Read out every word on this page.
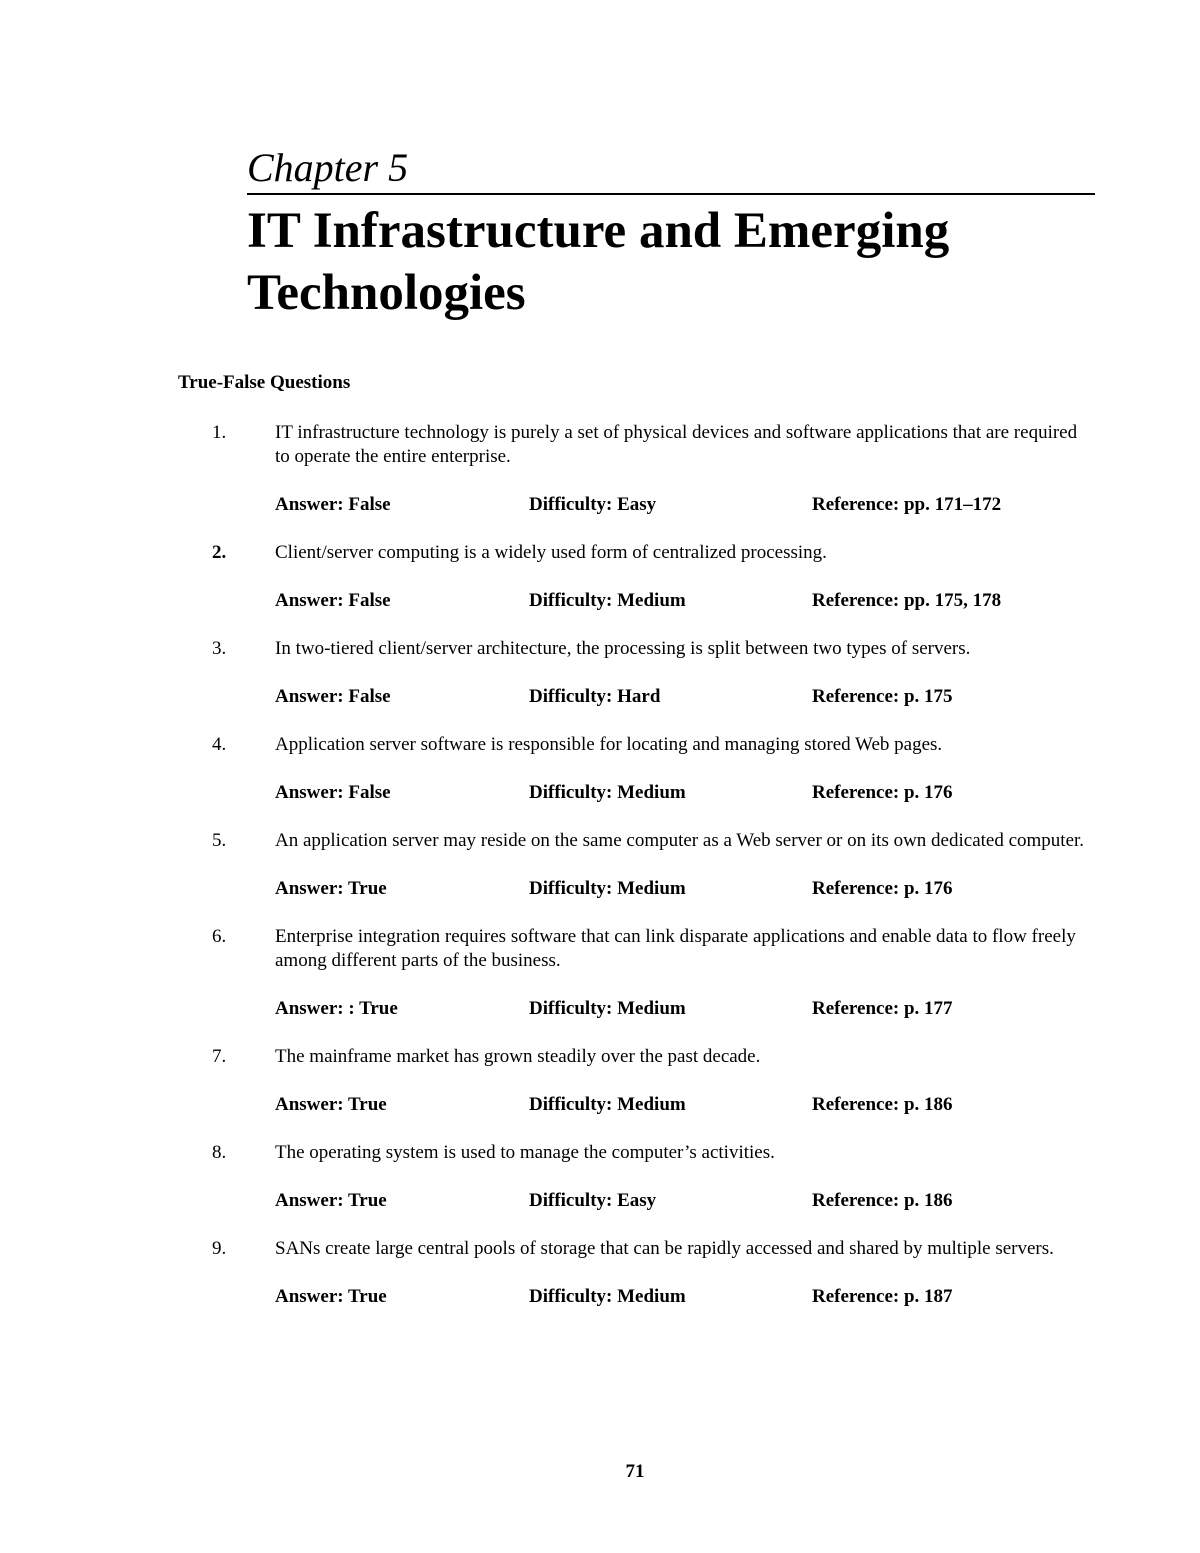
Chapter 5
IT Infrastructure and Emerging Technologies
True-False Questions
1.	IT infrastructure technology is purely a set of physical devices and software applications that are required to operate the entire enterprise.
Answer: False	Difficulty: Easy	Reference: pp. 171–172
2.	Client/server computing is a widely used form of centralized processing.
Answer: False	Difficulty: Medium	Reference: pp. 175, 178
3.	In two-tiered client/server architecture, the processing is split between two types of servers.
Answer: False	Difficulty: Hard	Reference: p. 175
4.	Application server software is responsible for locating and managing stored Web pages.
Answer: False	Difficulty: Medium	Reference: p. 176
5.	An application server may reside on the same computer as a Web server or on its own dedicated computer.
Answer: True	Difficulty: Medium	Reference: p. 176
6.	Enterprise integration requires software that can link disparate applications and enable data to flow freely among different parts of the business.
Answer: : True	Difficulty: Medium	Reference: p. 177
7.	The mainframe market has grown steadily over the past decade.
Answer: True	Difficulty: Medium	Reference: p. 186
8.	The operating system is used to manage the computer’s activities.
Answer: True	Difficulty: Easy	Reference: p. 186
9.	SANs create large central pools of storage that can be rapidly accessed and shared by multiple servers.
Answer: True	Difficulty: Medium	Reference: p. 187
71
